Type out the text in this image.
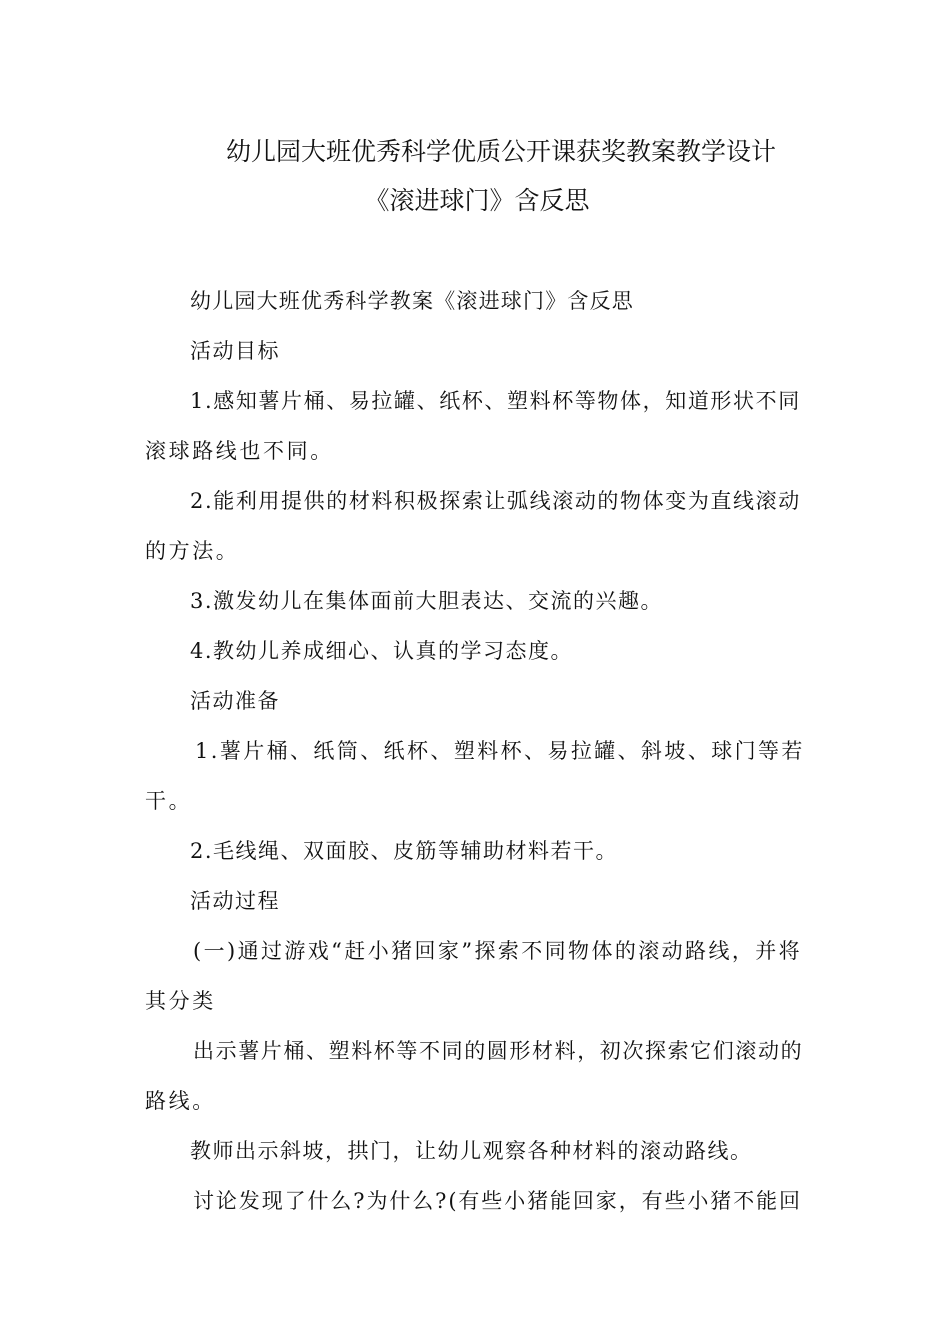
幼儿园大班优秀科学优质公开课获奖教案教学设计
《滚进球门》含反思
幼儿园大班优秀科学教案《滚进球门》含反思
活动目标
1.感知薯片桶、易拉罐、纸杯、塑料杯等物体，知道形状不同
滚球路线也不同。
2.能利用提供的材料积极探索让弧线滚动的物体变为直线滚动
的方法。
3.激发幼儿在集体面前大胆表达、交流的兴趣。
4.教幼儿养成细心、认真的学习态度。
活动准备
1.薯片桶、纸筒、纸杯、塑料杯、易拉罐、斜坡、球门等若
干。
2.毛线绳、双面胶、皮筋等辅助材料若干。
活动过程
(一)通过游戏“赶小猪回家”探索不同物体的滚动路线，并将
其分类
出示薯片桶、塑料杯等不同的圆形材料，初次探索它们滚动的
路线。
教师出示斜坡，拱门，让幼儿观察各种材料的滚动路线。
讨论发现了什么?为什么?(有些小猪能回家，有些小猪不能回
